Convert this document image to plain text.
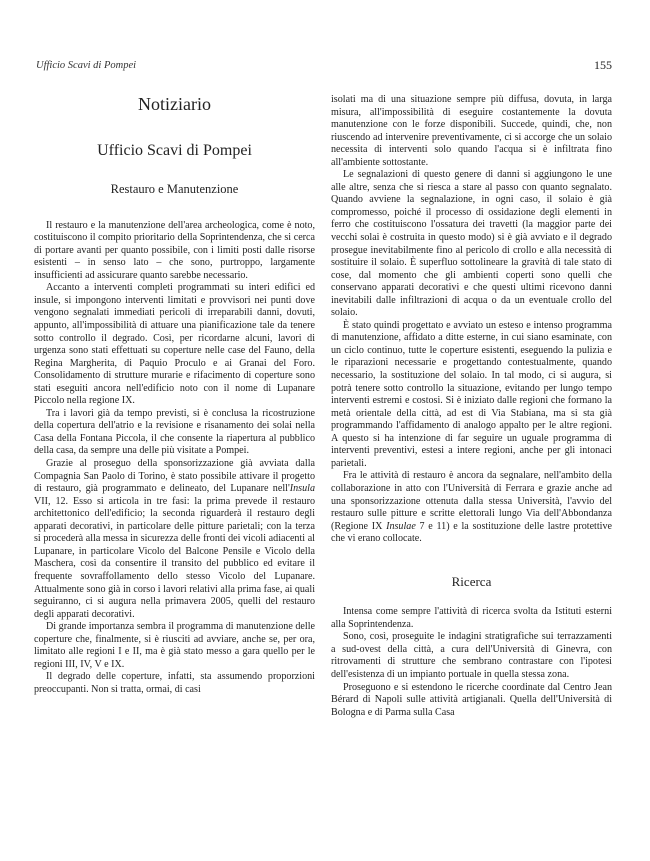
Ufficio Scavi di Pompei	155
Notiziario
Ufficio Scavi di Pompei
Restauro e Manutenzione

Il restauro e la manutenzione dell'area archeologica, come è noto, costituiscono il compito prioritario della Soprintendenza, che si cerca di portare avanti per quanto possibile, con i limiti posti dalle risorse esistenti – in senso lato – che sono, purtroppo, largamente insufficienti ad assicurare quanto sarebbe necessario.

Accanto a interventi completi programmati su interi edifici ed insule, si impongono interventi limitati e provvisori nei punti dove vengono segnalati immediati pericoli di irreparabili danni, dovuti, appunto, all'impossibilità di attuare una pianificazione tale da tenere sotto controllo il degrado. Così, per ricordarne alcuni, lavori di urgenza sono stati effettuati su coperture nelle case del Fauno, della Regina Margherita, di Paquio Proculo e ai Granai del Foro. Consolidamento di strutture murarie e rifacimento di coperture sono stati eseguiti ancora nell'edificio noto con il nome di Lupanare Piccolo nella regione IX.

Tra i lavori già da tempo previsti, si è conclusa la ricostruzione della copertura dell'atrio e la revisione e risanamento dei solai nella Casa della Fontana Piccola, il che consente la riapertura al pubblico della casa, da sempre una delle più visitate a Pompei.

Grazie al proseguo della sponsorizzazione già avviata dalla Compagnia San Paolo di Torino, è stato possibile attivare il progetto di restauro, già programmato e delineato, del Lupanare nell'Insula VII, 12. Esso si articola in tre fasi: la prima prevede il restauro architettonico dell'edificio; la seconda riguarderà il restauro degli apparati decorativi, in particolare delle pitture parietali; con la terza si procederà alla messa in sicurezza delle fronti dei vicoli adiacenti al Lupanare, in particolare Vicolo del Balcone Pensile e Vicolo della Maschera, così da consentire il transito del pubblico ed evitare il frequente sovraffollamento dello stesso Vicolo del Lupanare. Attualmente sono già in corso i lavori relativi alla prima fase, ai quali seguiranno, ci si augura nella primavera 2005, quelli del restauro degli apparati decorativi.

Di grande importanza sembra il programma di manutenzione delle coperture che, finalmente, si è riusciti ad avviare, anche se, per ora, limitato alle regioni I e II, ma è già stato messo a gara quello per le regioni III, IV, V e IX.

Il degrado delle coperture, infatti, sta assumendo proporzioni preoccupanti. Non si tratta, ormai, di casi

isolati ma di una situazione sempre più diffusa, dovuta, in larga misura, all'impossibilità di eseguire costantemente la dovuta manutenzione con le forze disponibili. Succede, quindi, che, non riuscendo ad intervenire preventivamente, ci si accorge che un solaio necessita di interventi solo quando l'acqua si è infiltrata fino all'ambiente sottostante.

Le segnalazioni di questo genere di danni si aggiungono le une alle altre, senza che si riesca a stare al passo con quanto segnalato. Quando avviene la segnalazione, in ogni caso, il solaio è già compromesso, poiché il processo di ossidazione degli elementi in ferro che costituiscono l'ossatura dei travetti (la maggior parte dei vecchi solai è costruita in questo modo) si è già avviato e il degrado prosegue inevitabilmente fino al pericolo di crollo e alla necessità di sostituire il solaio. È superfluo sottolineare la gravità di tale stato di cose, dal momento che gli ambienti coperti sono quelli che conservano apparati decorativi e che questi ultimi ricevono danni inevitabili dalle infiltrazioni di acqua o da un eventuale crollo del solaio.

È stato quindi progettato e avviato un esteso e intenso programma di manutenzione, affidato a ditte esterne, in cui siano esaminate, con un ciclo continuo, tutte le coperture esistenti, eseguendo la pulizia e le riparazioni necessarie e progettando contestualmente, quando necessario, la sostituzione del solaio. In tal modo, ci si augura, si potrà tenere sotto controllo la situazione, evitando per lungo tempo interventi estremi e costosi. Si è iniziato dalle regioni che formano la metà orientale della città, ad est di Via Stabiana, ma si sta già programmando l'affidamento di analogo appalto per le altre regioni. A questo si ha intenzione di far seguire un uguale programma di interventi preventivi, estesi a intere regioni, anche per gli intonaci parietali.

Fra le attività di restauro è ancora da segnalare, nell'ambito della collaborazione in atto con l'Università di Ferrara e grazie anche ad una sponsorizzazione ottenuta dalla stessa Università, l'avvio del restauro sulle pitture e scritte elettorali lungo Via dell'Abbondanza (Regione IX Insulae 7 e 11) e la sostituzione delle lastre protettive che vi erano collocate.

Ricerca

Intensa come sempre l'attività di ricerca svolta da Istituti esterni alla Soprintendenza.

Sono, così, proseguite le indagini stratigrafiche sui terrazzamenti a sud-ovest della città, a cura dell'Università di Ginevra, con ritrovamenti di strutture che sembrano contrastare con l'ipotesi dell'esistenza di un impianto portuale in quella stessa zona.

Proseguono e si estendono le ricerche coordinate dal Centro Jean Bérard di Napoli sulle attività artigianali. Quella dell'Università di Bologna e di Parma sulla Casa
